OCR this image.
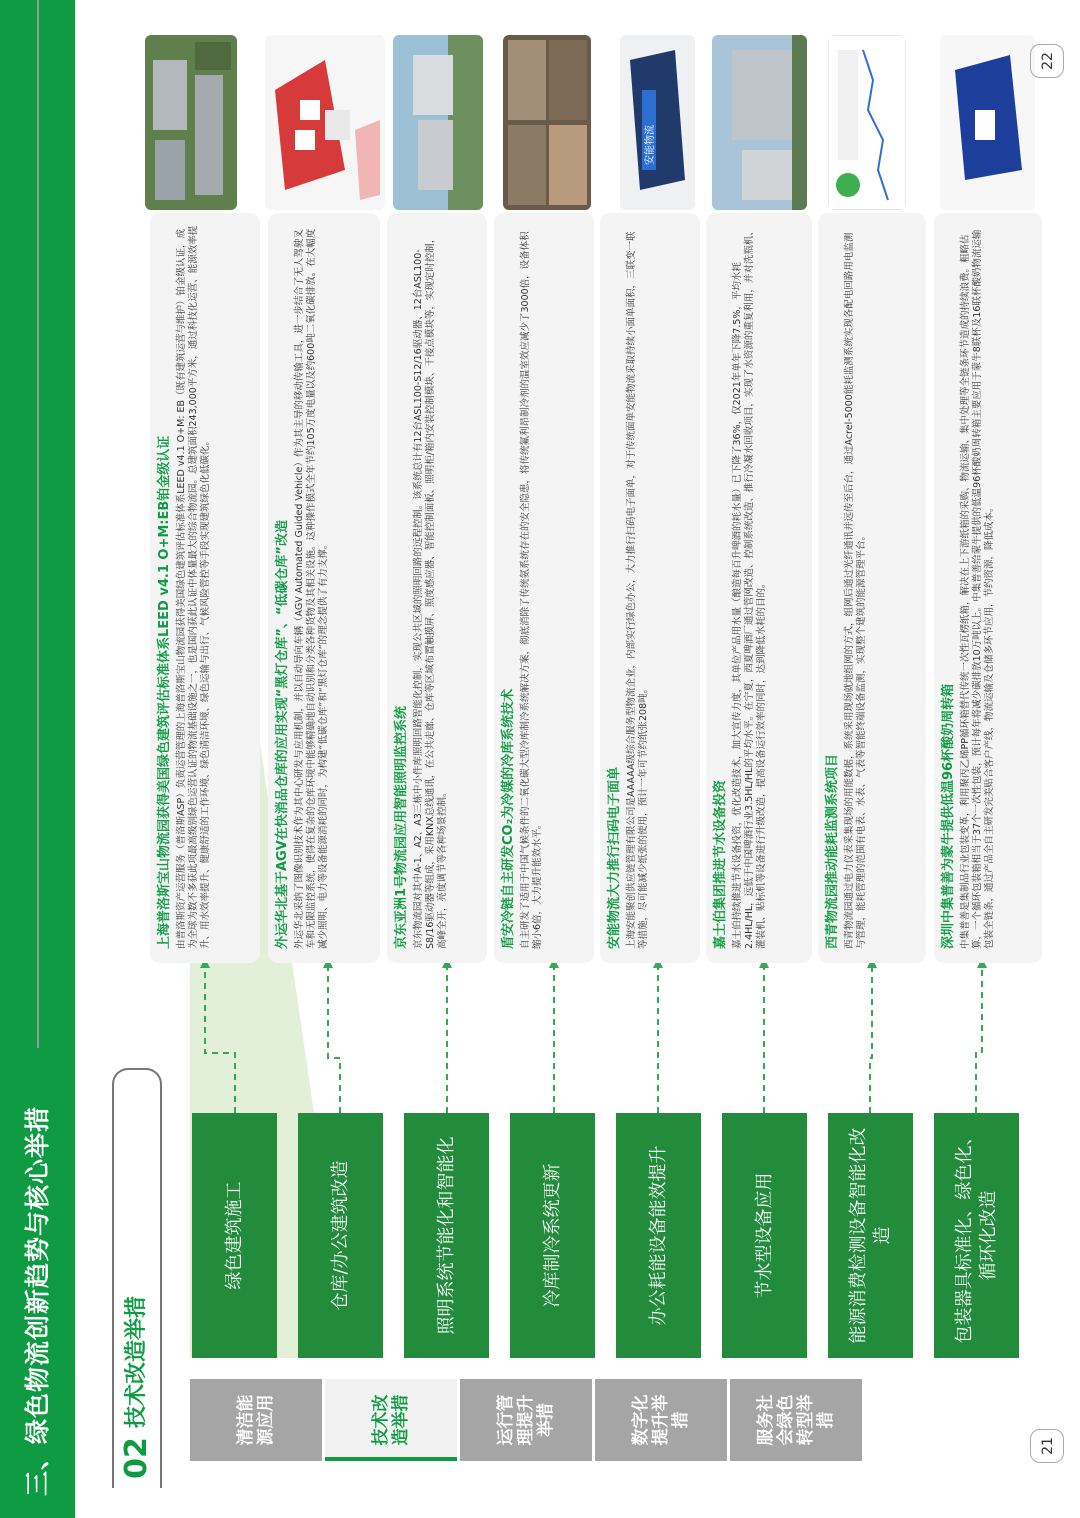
三、绿色物流创新趋势与核心举措	02
技术改造举措	清洁能源应用	技术改造举措	运行管理提升举措	数字化提升举措	服务社会绿色转型举措
绿色建筑施工	仓库/办公建筑改造	照明系统节能化和智能化	冷库制冷系统更新	办公耗能设备能效提升	节水型设备应用	能源消费检测设备智能化改造	包装器具标准化、绿色化、循环化改造
上海普洛斯宝山物流园获得美国绿色建筑评估标准体系LEED v4.1 O+M:EB铂金级认证 由普洛斯资产运营服务（普洛斯ASP）负责运营管理的上海普洛斯宝山物流园获得美国绿色建筑评估标准体系LEED v4.1 O+M: EB（既有建筑运营与维护）铂金级认证，成为全球为数不多获此项最高级别绿色运营认证的物流基础设施之一，也是国内获此认证中体量最大的综合物流园。总建筑面积243,000平方米，通过科技化运营、能源效率提升、用水效率提升、健康舒适的工作环境、绿色清洁环境、绿色运输与出行、气候风险管控等手段实现建筑绿色化低碳化。	外运华北基于AGV在快消品仓库的应用实现“黑灯仓库”、“低碳仓库”改造 外运华北采纳了图像识别技术作为其中心研发与应用机制，并以自动导向车辆（AGV Automated Guided Vehicle）作为其主导的移动传输工具，进一步结合了无人驾驶叉车和无限监控系统，使得在复杂的仓库环境中能够精确地自动识别和分类各种货物及其相关设施。这种操作模式全年节约105万度电量以及约600吨二氧化碳排放。在大幅度减少照明、电力等设备能源消耗的同时，为构建“低碳仓库”和“黑灯仓库”的理念提供了有力支撑。	京东亚洲1号物流园应用智能照明监控系统 京东物流园对其中A-1、A2、A3三栋中小件库照明回路智能化控制，实现公共区域的照明回路的远程控制。该系统总计有12台ASL100-S12/16驱动器、12台ASL100-S8/16驱动器等组成，采用KNX总线通讯，在公共走廊、仓库等区域布置触摸屏、照度感应器、智能控制面板、照明柜/箱内安装控制模块、干接点模块等，实现定时控制，高峰全开，亮度调节等各种场景控制。	盾安冷链自主研发CO₂为冷媒的冷库系统技术 自主研发了适用于中国气候条件的二氧化碳大型冷库制冷系统解决方案，彻底消除了传统氨系统存在的安全隐患，将传统氟利昂制冷剂的温室效应减少了3000倍，设备体积缩小6倍，大力提升能效水平。	安能物流大力推行扫码电子面单 上海安能聚创供应链管理有限公司是AAAAA级综合服务型物流企业，内部实行绿色办公，大力推行扫码电子面单，对于传统面单安能物流采取持续小面单面积，三联变一联等措施，尽可能减少纸张的使用，预计一年可节约纸张208吨。	嘉士伯集团推进节水设备投资 嘉士伯持续推进节水设备投资，优化改造技术，加大宣传力度，其单位产品用水量（酿造每百升啤酒的耗水量）已下降了36%，仅2021年单年下降7.5%，平均水耗2.4HL/HL，远低于中国啤酒行业3.5HL/HL的平均水平。在宁夏，西夏啤酒厂通过管网改造、控制系统改造、推行冷凝水回收项目，实现了水资源的重复利用，并对洗瓶机、灌装机、贴标机等设备进行升级改造，提高设备运行效率的同时，达到降低水耗的目的。	西青物流园推动能耗监测系统项目 西青物流园通过电力仪表采集现场的用能数据，系统采用现场就地组网的方式，组网后通过光纤通讯并远传至后台，通过Acrel-5000能耗监测系统实现各配电回路用电监测与管理，能耗管理的范围有电表、水表、气表等智能终端设备监测，实现整个建筑的能源管理平台。	深圳中集普善为蒙牛提供低温96杯酸奶周转箱 中集普善是集制品行业包装变革，利用聚丙乙烯PP循环箱替代传统一次性瓦楞纸箱，解决在上下游纸箱的采购、物流运输、集中处理等全链条环节造成的持续浪费。粗略估算，一个循环包装箱相当于37个一次性包装，预计每年将减少碳排放10万吨以上。中集普善给蒙牛提供的低温96杯酸奶周转箱主要应用于蒙牛8联杯及16联杯酸奶物流运输包装全链条，通过产品全自主研发完美贴合客户产线，物流运输及仓储多环节应用，节约资源，降低成本。

安能物流
21
22
